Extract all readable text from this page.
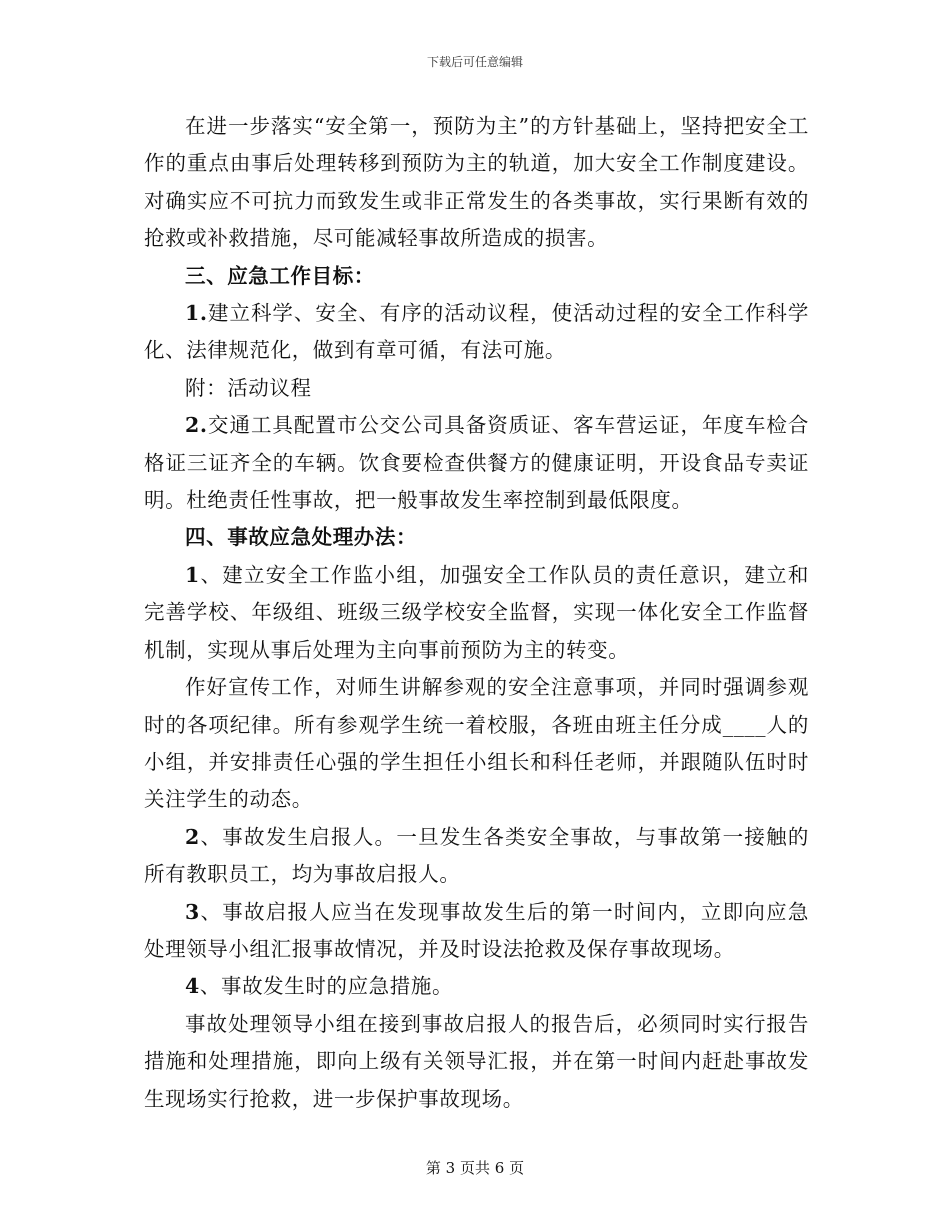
下载后可任意编辑

在进一步落实“安全第一，预防为主”的方针基础上，坚持把安全工作的重点由事后处理转移到预防为主的轨道，加大安全工作制度建设。对确实应不可抗力而致发生或非正常发生的各类事故，实行果断有效的抢救或补救措施，尽可能减轻事故所造成的损害。

三、应急工作目标：

1.建立科学、安全、有序的活动议程，使活动过程的安全工作科学化、法律规范化，做到有章可循，有法可施。

附：活动议程

2.交通工具配置市公交公司具备资质证、客车营运证，年度车检合格证三证齐全的车辆。饮食要检查供餐方的健康证明，开设食品专卖证明。杜绝责任性事故，把一般事故发生率控制到最低限度。

四、事故应急处理办法：

1、建立安全工作监小组，加强安全工作队员的责任意识，建立和完善学校、年级组、班级三级学校安全监督，实现一体化安全工作监督机制，实现从事后处理为主向事前预防为主的转变。

作好宣传工作，对师生讲解参观的安全注意事项，并同时强调参观时的各项纪律。所有参观学生统一着校服，各班由班主任分成____人的小组，并安排责任心强的学生担任小组长和科任老师，并跟随队伍时时关注学生的动态。

2、事故发生启报人。一旦发生各类安全事故，与事故第一接触的所有教职员工，均为事故启报人。

3、事故启报人应当在发现事故发生后的第一时间内，立即向应急处理领导小组汇报事故情况，并及时设法抢救及保存事故现场。

4、事故发生时的应急措施。

事故处理领导小组在接到事故启报人的报告后，必须同时实行报告措施和处理措施，即向上级有关领导汇报，并在第一时间内赶赴事故发生现场实行抢救，进一步保护事故现场。

第 3 页共 6 页
